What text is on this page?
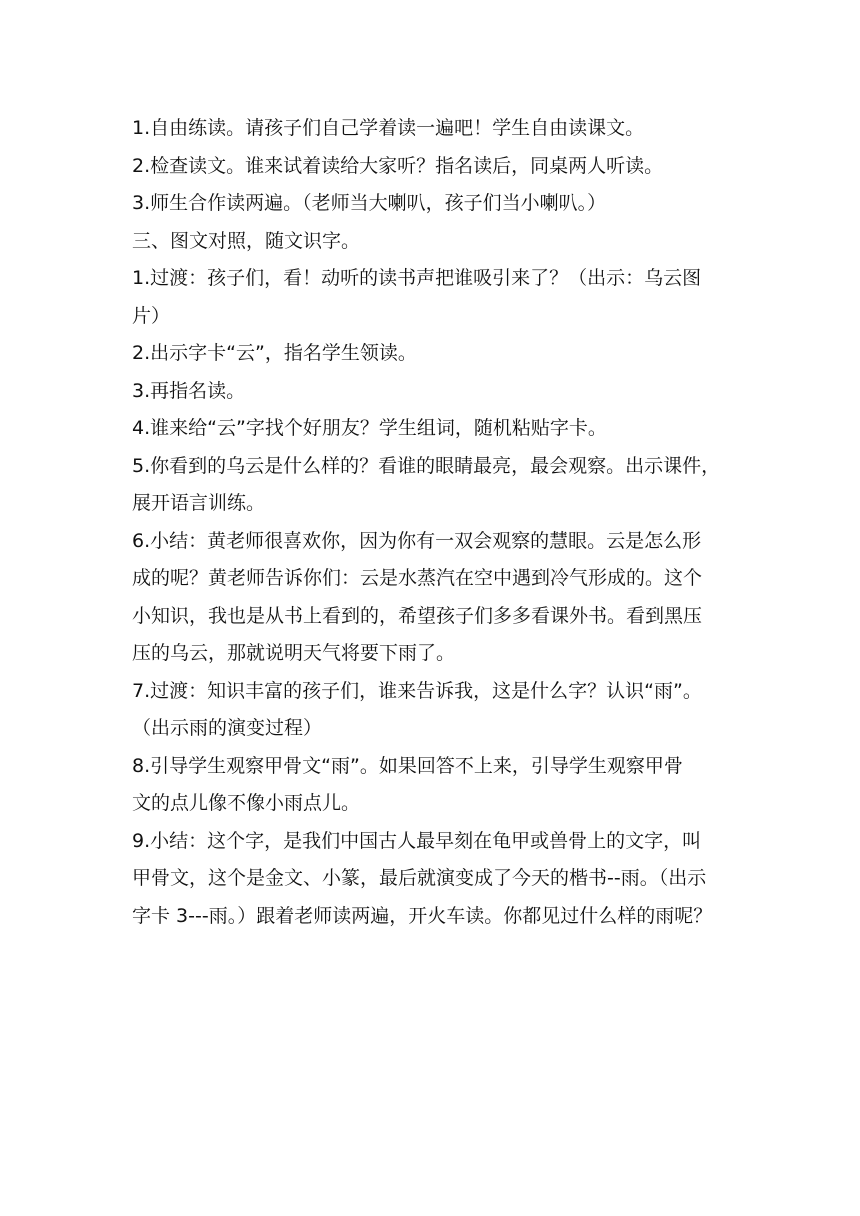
1.自由练读。请孩子们自己学着读一遍吧！学生自由读课文。
2.检查读文。谁来试着读给大家听？指名读后，同桌两人听读。
3.师生合作读两遍。（老师当大喇叭，孩子们当小喇叭。）
三、图文对照，随文识字。
1.过渡：孩子们，看！动听的读书声把谁吸引来了？（出示：乌云图
片）
2.出示字卡“云”，指名学生领读。
3.再指名读。
4.谁来给“云”字找个好朋友？学生组词，随机粘贴字卡。
5.你看到的乌云是什么样的？看谁的眼睛最亮，最会观察。出示课件，
展开语言训练。
6.小结：黄老师很喜欢你，因为你有一双会观察的慧眼。云是怎么形
成的呢？黄老师告诉你们：云是水蒸汽在空中遇到冷气形成的。这个
小知识，我也是从书上看到的，希望孩子们多多看课外书。看到黑压
压的乌云，那就说明天气将要下雨了。
7.过渡：知识丰富的孩子们，谁来告诉我，这是什么字？认识“雨”。
（出示雨的演变过程）
8.引导学生观察甲骨文“雨”。如果回答不上来，引导学生观察甲骨
文的点儿像不像小雨点儿。
9.小结：这个字，是我们中国古人最早刻在龟甲或兽骨上的文字，叫
甲骨文，这个是金文、小篆，最后就演变成了今天的楷书--雨。（出示
字卡 3---雨。）跟着老师读两遍，开火车读。你都见过什么样的雨呢？
